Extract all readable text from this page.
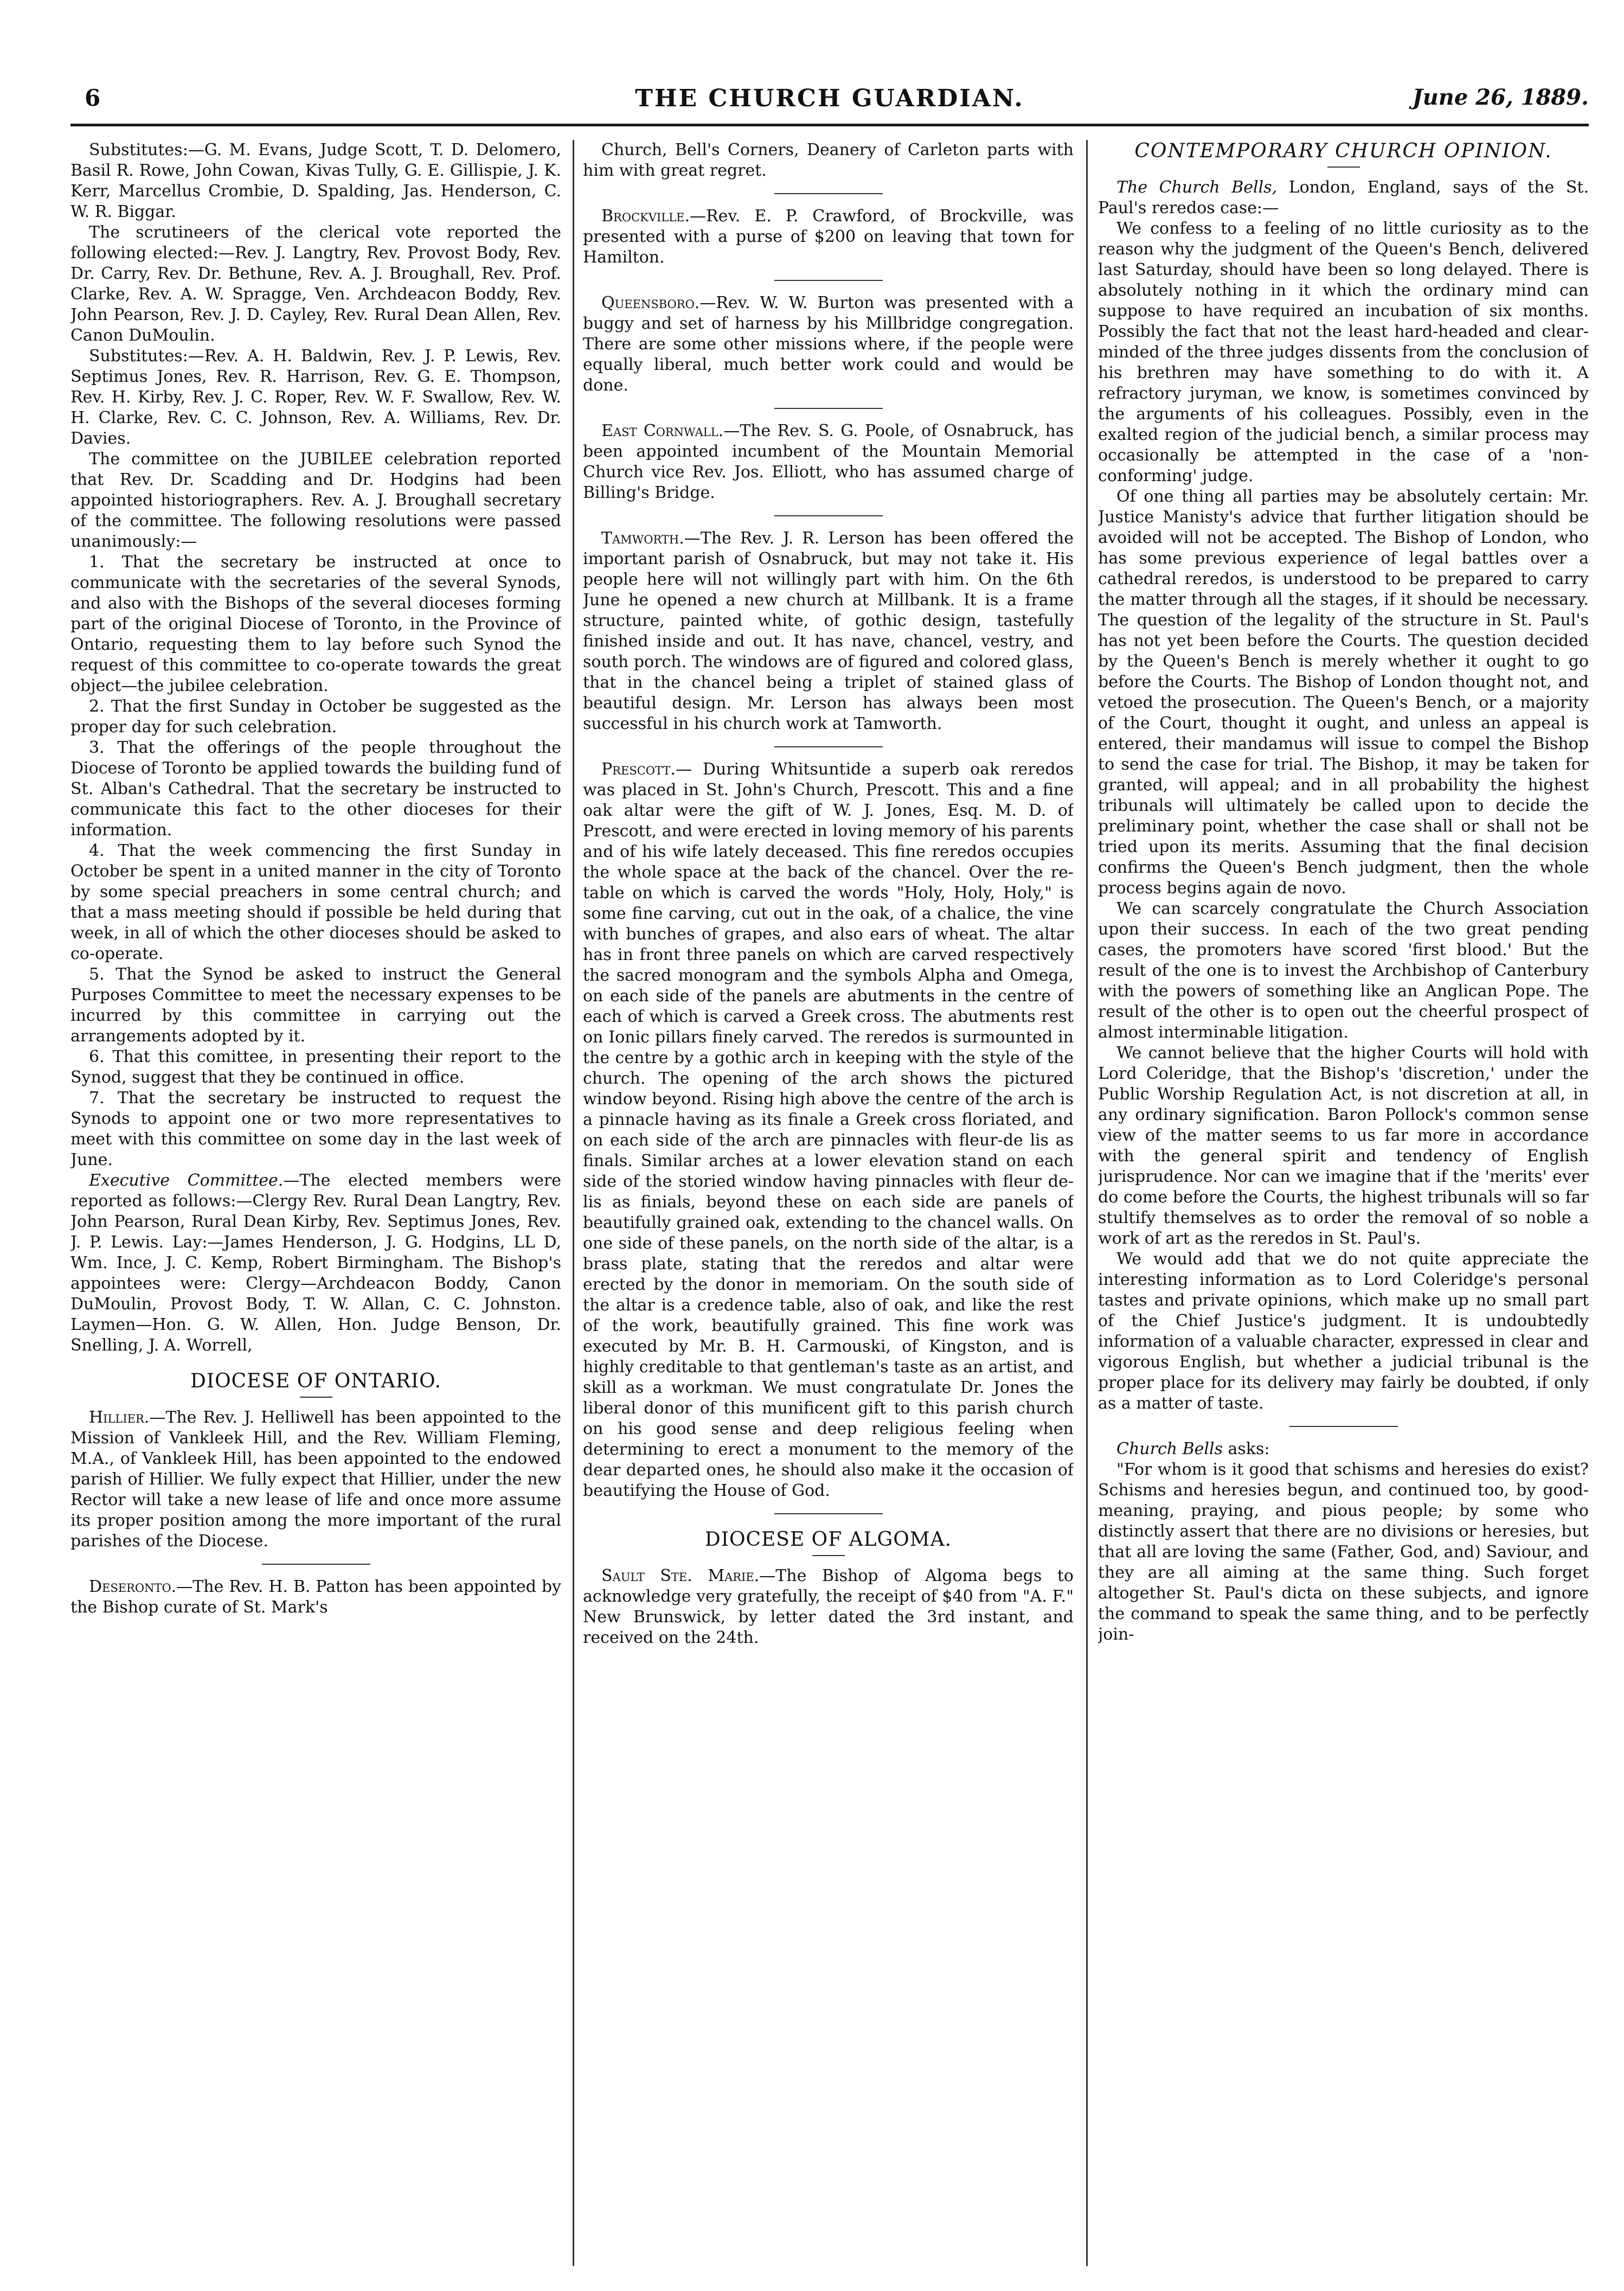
6	THE CHURCH GUARDIAN.	June 26, 1889.

Substitutes:—G. M. Evans, Judge Scott, T. D. Delomero, Basil R. Rowe, John Cowan, Kivas Tully, G. E. Gillispie, J. K. Kerr, Marcellus Crombie, D. Spalding, Jas. Henderson, C. W. R. Biggar.

The scrutineers of the clerical vote reported the following elected:—Rev. J. Langtry, Rev. Provost Body, Rev. Dr. Carry, Rev. Dr. Bethune, Rev. A. J. Broughall, Rev. Prof. Clarke, Rev. A. W. Spragge, Ven. Archdeacon Boddy, Rev. John Pearson, Rev. J. D. Cayley, Rev. Rural Dean Allen, Rev. Canon DuMoulin.

Substitutes:—Rev. A. H. Baldwin, Rev. J. P. Lewis, Rev. Septimus Jones, Rev. R. Harrison, Rev. G. E. Thompson, Rev. H. Kirby, Rev. J. C. Roper, Rev. W. F. Swallow, Rev. W. H. Clarke, Rev. C. C. Johnson, Rev. A. Williams, Rev. Dr. Davies.

The committee on the JUBILEE celebration reported that Rev. Dr. Scadding and Dr. Hodgins had been appointed historiographers. Rev. A. J. Broughall secretary of the committee. The following resolutions were passed unanimously:—

1. That the secretary be instructed at once to communicate with the secretaries of the several Synods, and also with the Bishops of the several dioceses forming part of the original Diocese of Toronto, in the Province of Ontario, requesting them to lay before such Synod the request of this committee to co-operate towards the great object—the jubilee celebration.

2. That the first Sunday in October be suggested as the proper day for such celebration.

3. That the offerings of the people throughout the Diocese of Toronto be applied towards the building fund of St. Alban's Cathedral. That the secretary be instructed to communicate this fact to the other dioceses for their information.

4. That the week commencing the first Sunday in October be spent in a united manner in the city of Toronto by some special preachers in some central church; and that a mass meeting should if possible be held during that week, in all of which the other dioceses should be asked to co-operate.

5. That the Synod be asked to instruct the General Purposes Committee to meet the necessary expenses to be incurred by this committee in carrying out the arrangements adopted by it.

6. That this comittee, in presenting their report to the Synod, suggest that they be continued in office.

7. That the secretary be instructed to request the Synods to appoint one or two more representatives to meet with this committee on some day in the last week of June.

Executive Committee.—The elected members were reported as follows:—Clergy Rev. Rural Dean Langtry, Rev. John Pearson, Rural Dean Kirby, Rev. Septimus Jones, Rev. J. P. Lewis. Lay:—James Henderson, J. G. Hodgins, LL D, Wm. Ince, J. C. Kemp, Robert Birmingham. The Bishop's appointees were: Clergy—Archdeacon Boddy, Canon DuMoulin, Provost Body, T. W. Allan, C. C. Johnston. Laymen—Hon. G. W. Allen, Hon. Judge Benson, Dr. Snelling, J. A. Worrell,

DIOCESE OF ONTARIO.

Hillier.—The Rev. J. Helliwell has been appointed to the Mission of Vankleek Hill, and the Rev. William Fleming, M.A., of Vankleek Hill, has been appointed to the endowed parish of Hillier. We fully expect that Hillier, under the new Rector will take a new lease of life and once more assume its proper position among the more important of the rural parishes of the Diocese.

Deseronto.—The Rev. H. B. Patton has been appointed by the Bishop curate of St. Mark's

Church, Bell's Corners, Deanery of Carleton parts with him with great regret.

Brockville.—Rev. E. P. Crawford, of Brockville, was presented with a purse of $200 on leaving that town for Hamilton.

Queensboro.—Rev. W. W. Burton was presented with a buggy and set of harness by his Millbridge congregation. There are some other missions where, if the people were equally liberal, much better work could and would be done.

East Cornwall.—The Rev. S. G. Poole, of Osnabruck, has been appointed incumbent of the Mountain Memorial Church vice Rev. Jos. Elliott, who has assumed charge of Billing's Bridge.

Tamworth.—The Rev. J. R. Lerson has been offered the important parish of Osnabruck, but may not take it. His people here will not willingly part with him. On the 6th June he opened a new church at Millbank. It is a frame structure, painted white, of gothic design, tastefully finished inside and out. It has nave, chancel, vestry, and south porch. The windows are of figured and colored glass, that in the chancel being a triplet of stained glass of beautiful design. Mr. Lerson has always been most successful in his church work at Tamworth.

Prescott.— During Whitsuntide a superb oak reredos was placed in St. John's Church, Prescott. This and a fine oak altar were the gift of W. J. Jones, Esq. M. D. of Prescott, and were erected in loving memory of his parents and of his wife lately deceased. This fine reredos occupies the whole space at the back of the chancel. Over the re-table on which is carved the words "Holy, Holy, Holy," is some fine carving, cut out in the oak, of a chalice, the vine with bunches of grapes, and also ears of wheat. The altar has in front three panels on which are carved respectively the sacred monogram and the symbols Alpha and Omega, on each side of the panels are abutments in the centre of each of which is carved a Greek cross. The abutments rest on Ionic pillars finely carved. The reredos is surmounted in the centre by a gothic arch in keeping with the style of the church. The opening of the arch shows the pictured window beyond. Rising high above the centre of the arch is a pinnacle having as its finale a Greek cross floriated, and on each side of the arch are pinnacles with fleur-de lis as finals. Similar arches at a lower elevation stand on each side of the storied window having pinnacles with fleur de-lis as finials, beyond these on each side are panels of beautifully grained oak, extending to the chancel walls. On one side of these panels, on the north side of the altar, is a brass plate, stating that the reredos and altar were erected by the donor in memoriam. On the south side of the altar is a credence table, also of oak, and like the rest of the work, beautifully grained. This fine work was executed by Mr. B. H. Carmouski, of Kingston, and is highly creditable to that gentleman's taste as an artist, and skill as a workman. We must congratulate Dr. Jones the liberal donor of this munificent gift to this parish church on his good sense and deep religious feeling when determining to erect a monument to the memory of the dear departed ones, he should also make it the occasion of beautifying the House of God.

DIOCESE OF ALGOMA.

Sault Ste. Marie.—The Bishop of Algoma begs to acknowledge very gratefully, the receipt of $40 from "A. F." New Brunswick, by letter dated the 3rd instant, and received on the 24th.

CONTEMPORARY CHURCH OPINION.

The Church Bells, London, England, says of the St. Paul's reredos case:—

We confess to a feeling of no little curiosity as to the reason why the judgment of the Queen's Bench, delivered last Saturday, should have been so long delayed. There is absolutely nothing in it which the ordinary mind can suppose to have required an incubation of six months. Possibly the fact that not the least hard-headed and clear-minded of the three judges dissents from the conclusion of his brethren may have something to do with it. A refractory juryman, we know, is sometimes convinced by the arguments of his colleagues. Possibly, even in the exalted region of the judicial bench, a similar process may occasionally be attempted in the case of a 'non-conforming' judge.

Of one thing all parties may be absolutely certain: Mr. Justice Manisty's advice that further litigation should be avoided will not be accepted. The Bishop of London, who has some previous experience of legal battles over a cathedral reredos, is understood to be prepared to carry the matter through all the stages, if it should be necessary. The question of the legality of the structure in St. Paul's has not yet been before the Courts. The question decided by the Queen's Bench is merely whether it ought to go before the Courts. The Bishop of London thought not, and vetoed the prosecution. The Queen's Bench, or a majority of the Court, thought it ought, and unless an appeal is entered, their mandamus will issue to compel the Bishop to send the case for trial. The Bishop, it may be taken for granted, will appeal; and in all probability the highest tribunals will ultimately be called upon to decide the preliminary point, whether the case shall or shall not be tried upon its merits. Assuming that the final decision confirms the Queen's Bench judgment, then the whole process begins again de novo.

We can scarcely congratulate the Church Association upon their success. In each of the two great pending cases, the promoters have scored 'first blood.' But the result of the one is to invest the Archbishop of Canterbury with the powers of something like an Anglican Pope. The result of the other is to open out the cheerful prospect of almost interminable litigation.

We cannot believe that the higher Courts will hold with Lord Coleridge, that the Bishop's 'discretion,' under the Public Worship Regulation Act, is not discretion at all, in any ordinary signification. Baron Pollock's common sense view of the matter seems to us far more in accordance with the general spirit and tendency of English jurisprudence. Nor can we imagine that if the 'merits' ever do come before the Courts, the highest tribunals will so far stultify themselves as to order the removal of so noble a work of art as the reredos in St. Paul's.

We would add that we do not quite appreciate the interesting information as to Lord Coleridge's personal tastes and private opinions, which make up no small part of the Chief Justice's judgment. It is undoubtedly information of a valuable character, expressed in clear and vigorous English, but whether a judicial tribunal is the proper place for its delivery may fairly be doubted, if only as a matter of taste.

Church Bells asks:

"For whom is it good that schisms and heresies do exist? Schisms and heresies begun, and continued too, by good-meaning, praying, and pious people; by some who distinctly assert that there are no divisions or heresies, but that all are loving the same (Father, God, and) Saviour, and they are all aiming at the same thing. Such forget altogether St. Paul's dicta on these subjects, and ignore the command to speak the same thing, and to be perfectly join-
